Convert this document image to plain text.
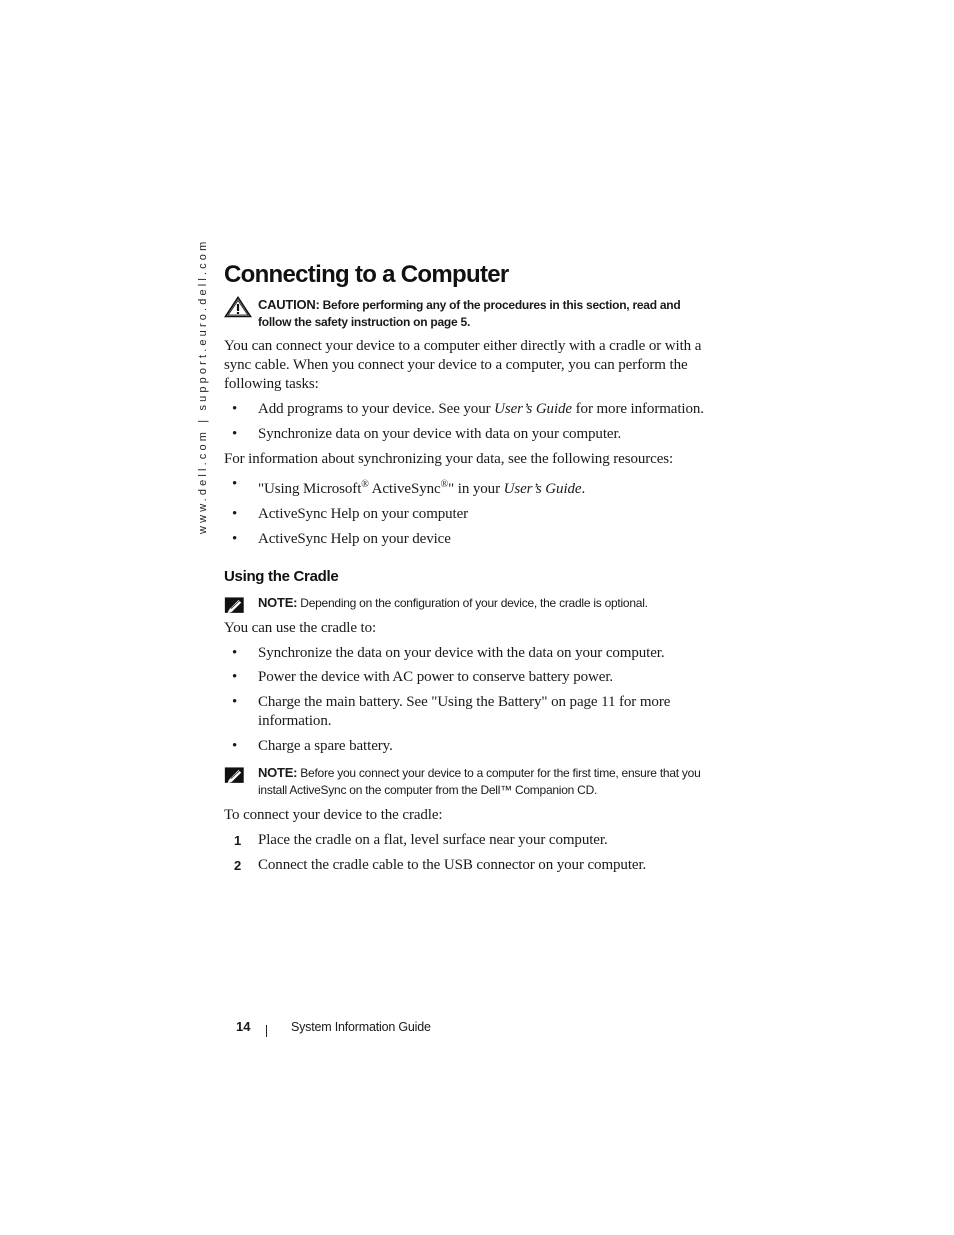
www.dell.com | support.euro.dell.com Connecting to a Computer
CAUTION: Before performing any of the procedures in this section, read and follow the safety instruction on page 5.

You can connect your device to a computer either directly with a cradle or with a sync cable. When you connect your device to a computer, you can perform the following tasks:

• Add programs to your device. See your User’s Guide for more information.
• Synchronize data on your device with data on your computer.

For information about synchronizing your data, see the following resources:

• "Using Microsoft® ActiveSync®" in your User’s Guide.
• ActiveSync Help on your computer
• ActiveSync Help on your device
Using the Cradle
NOTE: Depending on the configuration of your device, the cradle is optional.

You can use the cradle to:

• Synchronize the data on your device with the data on your computer.
• Power the device with AC power to conserve battery power.
• Charge the main battery. See "Using the Battery" on page 11 for more information.
• Charge a spare battery.
NOTE: Before you connect your device to a computer for the first time, ensure that you install ActiveSync on the computer from the Dell™ Companion CD.

To connect your device to the cradle:

1 Place the cradle on a flat, level surface near your computer.
2 Connect the cradle cable to the USB connector on your computer.
14	System Information Guide
